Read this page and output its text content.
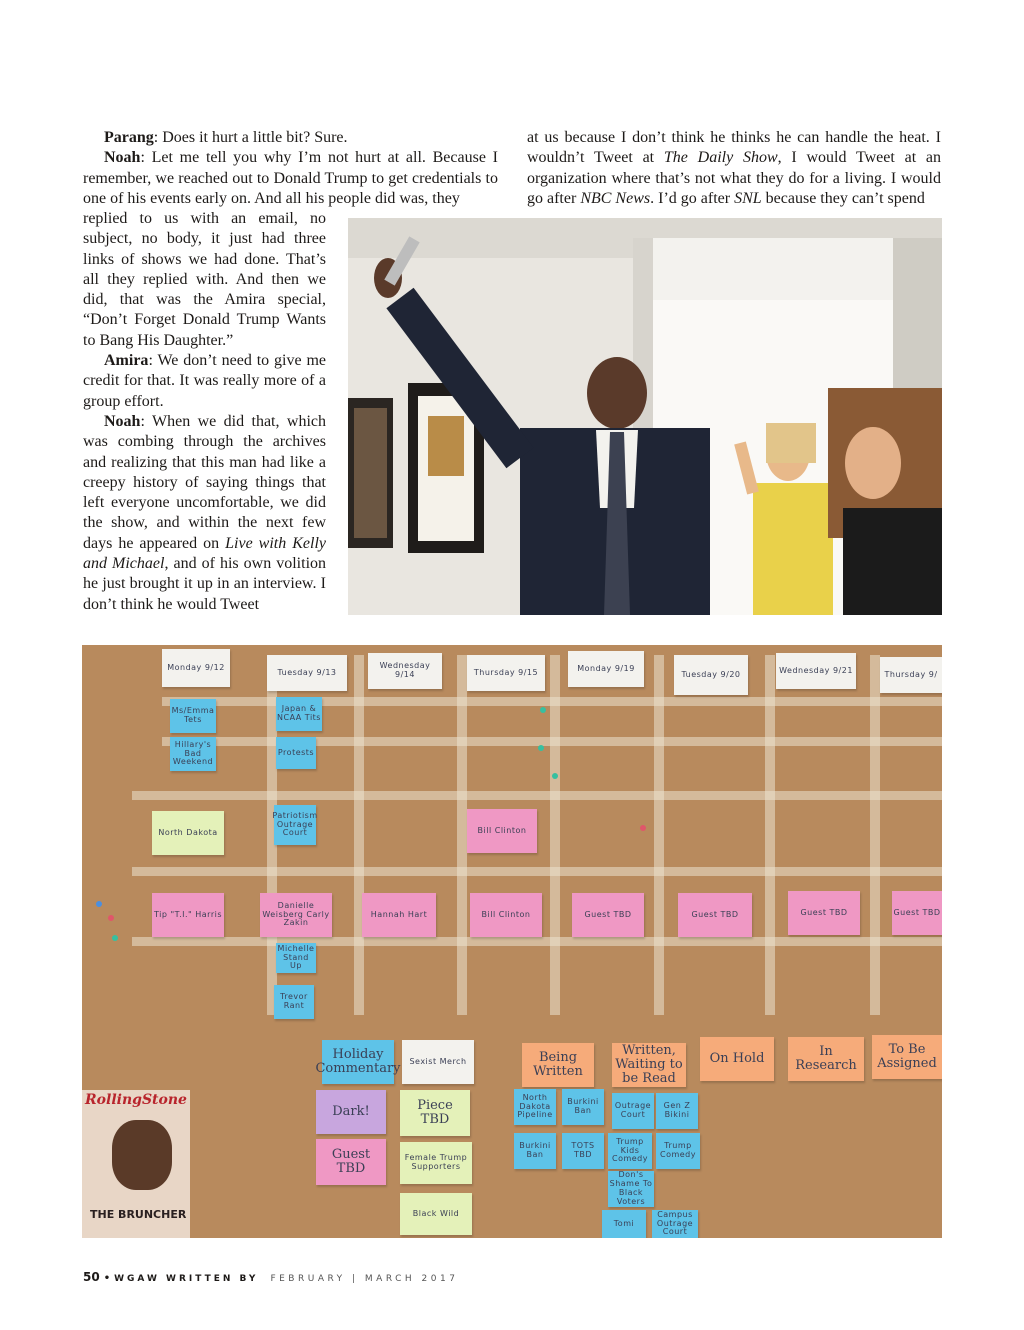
Parang: Does it hurt a little bit? Sure.

Noah: Let me tell you why I’m not hurt at all. Because I remember, we reached out to Donald Trump to get credentials to one of his events early on. And all his people did was, they

replied to us with an email, no subject, no body, it just had three links of shows we had done. That’s all they replied with. And then we did, that was the Amira special, “Don’t Forget Donald Trump Wants to Bang His Daughter.”

Amira: We don’t need to give me credit for that. It was really more of a group effort.

Noah: When we did that, which was combing through the archives and realizing that this man had like a creepy history of saying things that left everyone uncomfortable, we did the show, and within the next few days he appeared on Live with Kelly and Michael, and of his own volition he just brought it up in an interview. I don’t think he would Tweet

at us because I don’t think he thinks he can handle the heat. I wouldn’t Tweet at The Daily Show, I would Tweet at an organization where that’s not what they do for a living. I would go after NBC News. I’d go after SNL because they can’t spend

Monday 9/12
Tuesday 9/13
Wednesday 9/14	Thursday 9/15	Monday 9/19
Tuesday 9/20	Wednesday 9/21	Thursday 9/
Ms/Emma Tets
Hillary's Bad Weekend
Japan & NCAA Tits
Protests
Patriotism Outrage Court
North Dakota	Bill Clinton
Tip "T.I." Harris
Danielle Weisberg Carly Zakin
Hannah Hart	Bill Clinton	Guest TBD	Guest TBD	Guest TBD	Guest TBD
Michelle Stand Up
Trevor Rant
Holiday Commentary	Sexist Merch
Dark!	Piece TBD
Guest TBD
Female Trump Supporters
Black Wild
Being Written
Written, Waiting to be Read
On Hold	In Research
To Be Assigned
North Dakota Pipeline
Burkini Ban
Outrage Court
Gen Z Bikini
Burkini Ban
TOTS TBD
Trump Kids Comedy
Trump Comedy
Don's Shame To Black Voters
Tomi
Campus Outrage Court
RollingStone
THE BRUNCHER
50 • WGAW WRITTEN BY FEBRUARY | MARCH 2017
